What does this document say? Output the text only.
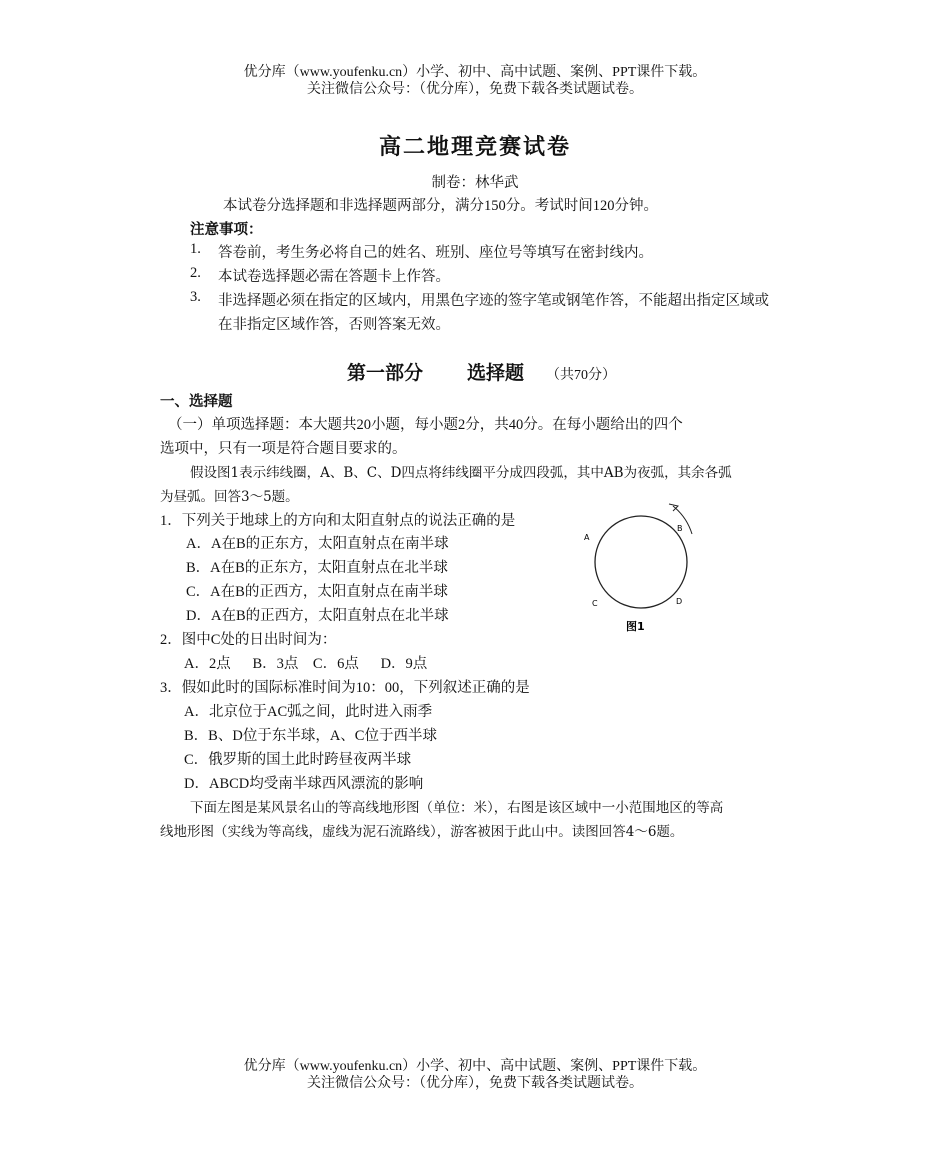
优分库（www.youfenku.cn）小学、初中、高中试题、案例、PPT课件下载。
关注微信公众号：（优分库），免费下载各类试题试卷。
高二地理竞赛试卷
制卷：林华武
本试卷分选择题和非选择题两部分，满分150分。考试时间120分钟。
注意事项：
1. 答卷前，考生务必将自己的姓名、班别、座位号等填写在密封线内。
2. 本试卷选择题必需在答题卡上作答。
3. 非选择题必须在指定的区域内，用黑色字迹的签字笔或钢笔作答，不能超出指定区域或
在非指定区域作答，否则答案无效。
第一部分 选择题 （共70分）
一、选择题
（一）单项选择题：本大题共20小题，每小题2分，共40分。在每小题给出的四个
选项中，只有一项是符合题目要求的。
假设图1表示纬线圈，A、B、C、D四点将纬线圈平分成四段弧，其中AB为夜弧，其余各弧
为昼弧。回答3～5题。
1．下列关于地球上的方向和太阳直射点的说法正确的是
A．A在B的正东方，太阳直射点在南半球
B．A在B的正东方，太阳直射点在北半球
C．A在B的正西方，太阳直射点在南半球
D．A在B的正西方，太阳直射点在北半球
A
B
C	D
图1
2．图中C处的日出时间为：
A．2点　  B．3点　C．6点　  D．9点
3．假如此时的国际标准时间为10：00，下列叙述正确的是
A．北京位于AC弧之间，此时进入雨季
B．B、D位于东半球，A、C位于西半球
C．俄罗斯的国土此时跨昼夜两半球
D．ABCD均受南半球西风漂流的影响
下面左图是某风景名山的等高线地形图（单位：米），右图是该区域中一小范围地区的等高
线地形图（实线为等高线，虚线为泥石流路线），游客被困于此山中。读图回答4～6题。
优分库（www.youfenku.cn）小学、初中、高中试题、案例、PPT课件下载。
关注微信公众号：（优分库），免费下载各类试题试卷。
